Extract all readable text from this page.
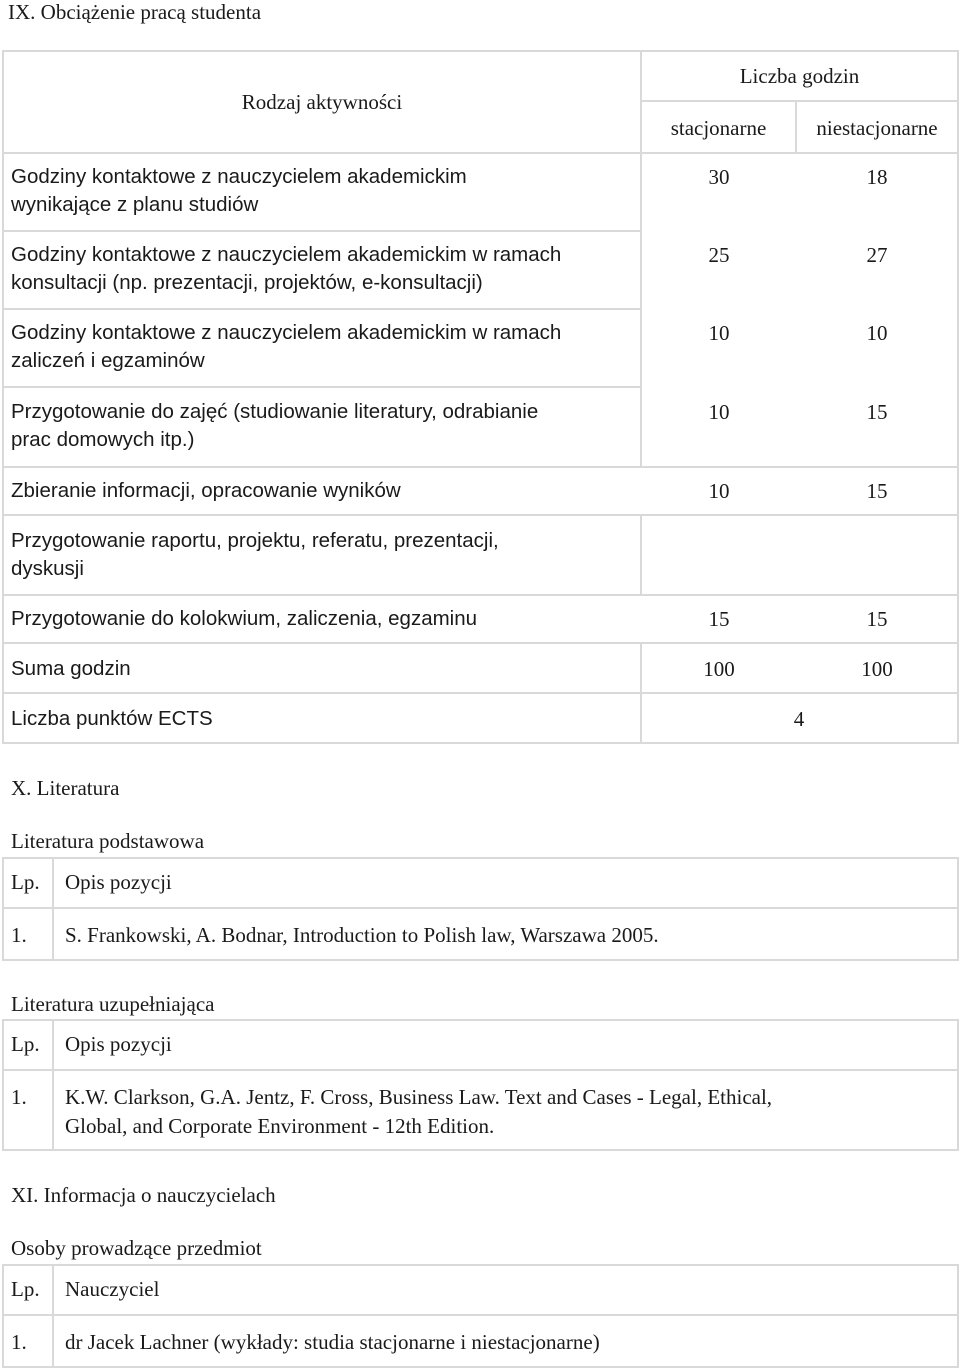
IX. Obciążenie pracą studenta
Rodzaj aktywności
Liczba godzin
stacjonarne	niestacjonarne
Godziny kontaktowe z nauczycielem akademickim
wynikające z planu studiów
30	18
Godziny kontaktowe z nauczycielem akademickim w ramach
konsultacji (np. prezentacji, projektów, e-konsultacji)
25	27
Godziny kontaktowe z nauczycielem akademickim w ramach
zaliczeń i egzaminów
10	10
Przygotowanie do zajęć (studiowanie literatury, odrabianie
prac domowych itp.)
10	15
Zbieranie informacji, opracowanie wyników	10	15
Przygotowanie raportu, projektu, referatu, prezentacji,
dyskusji
Przygotowanie do kolokwium, zaliczenia, egzaminu	15	15
Suma godzin	100	100
Liczba punktów ECTS	4
X. Literatura
Literatura podstawowa
Lp. Opis pozycji
1. S. Frankowski, A. Bodnar, Introduction to Polish law, Warszawa 2005.
Literatura uzupełniająca
Lp. Opis pozycji
1. K.W. Clarkson, G.A. Jentz, F. Cross, Business Law. Text and Cases - Legal, Ethical,
Global, and Corporate Environment - 12th Edition.
XI. Informacja o nauczycielach
Osoby prowadzące przedmiot
Lp. Nauczyciel
1. dr Jacek Lachner (wykłady: studia stacjonarne i niestacjonarne)
